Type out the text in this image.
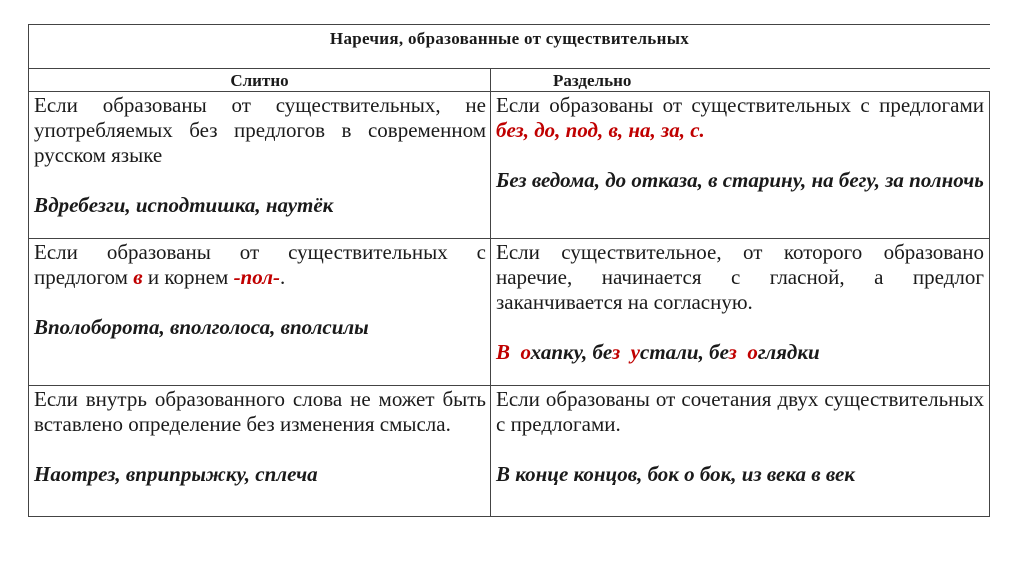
Наречия, образованные от существительных
Слитно	Раздельно

Если образованы от существительных, не употребляемых без предлогов в современном русском языке

Вдребезги, исподтишка, наутёк

Если образованы от существительных с предлогами без, до, под, в, на, за, с.

Без ведома, до отказа, в старину, на бегу, за полночь

Если образованы от существительных с предлогом в и корнем -пол-.

Вполоборота, вполголоса, вполсилы

Если существительное, от которого образовано наречие, начинается с гласной, а предлог заканчивается на согласную.

В охапку, без устали, без оглядки

Если внутрь образованного слова не может быть вставлено определение без изменения смысла.

Наотрез, вприпрыжку, сплеча

Если образованы от сочетания двух существительных с предлогами.

В конце концов, бок о бок, из века в век
